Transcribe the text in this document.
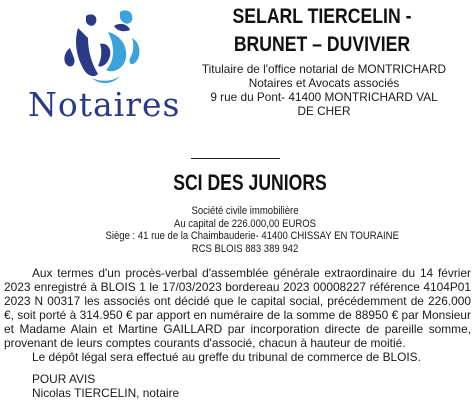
Notaires
SELARL TIERCELIN - BRUNET – DUVIVIER
Titulaire de l'office notarial de MONTRICHARD
Notaires et Avocats associés
9 rue du Pont- 41400 MONTRICHARD VAL
DE CHER
SCI DES JUNIORS
Société civile immobilière
Au capital de 226.000,00 EUROS
Siège : 41 rue de la Chaimbauderie- 41400 CHISSAY EN TOURAINE
RCS BLOIS 883 389 942

Aux termes d'un procès-verbal d'assemblée générale extraordinaire du 14 février 2023 enregistré à BLOIS 1 le 17/03/2023 bordereau 2023 00008227 référence 4104P01 2023 N 00317 les associés ont décidé que le capital social, précédemment de 226.000 €, soit porté à 314.950 € par apport en numéraire de la somme de 88950 € par Monsieur et Madame Alain et Martine GAILLARD par incorporation directe de pareille somme, provenant de leurs comptes courants d'associé, chacun à hauteur de moitié.

Le dépôt légal sera effectué au greffe du tribunal de commerce de BLOIS.

POUR AVIS
Nicolas TIERCELIN, notaire
